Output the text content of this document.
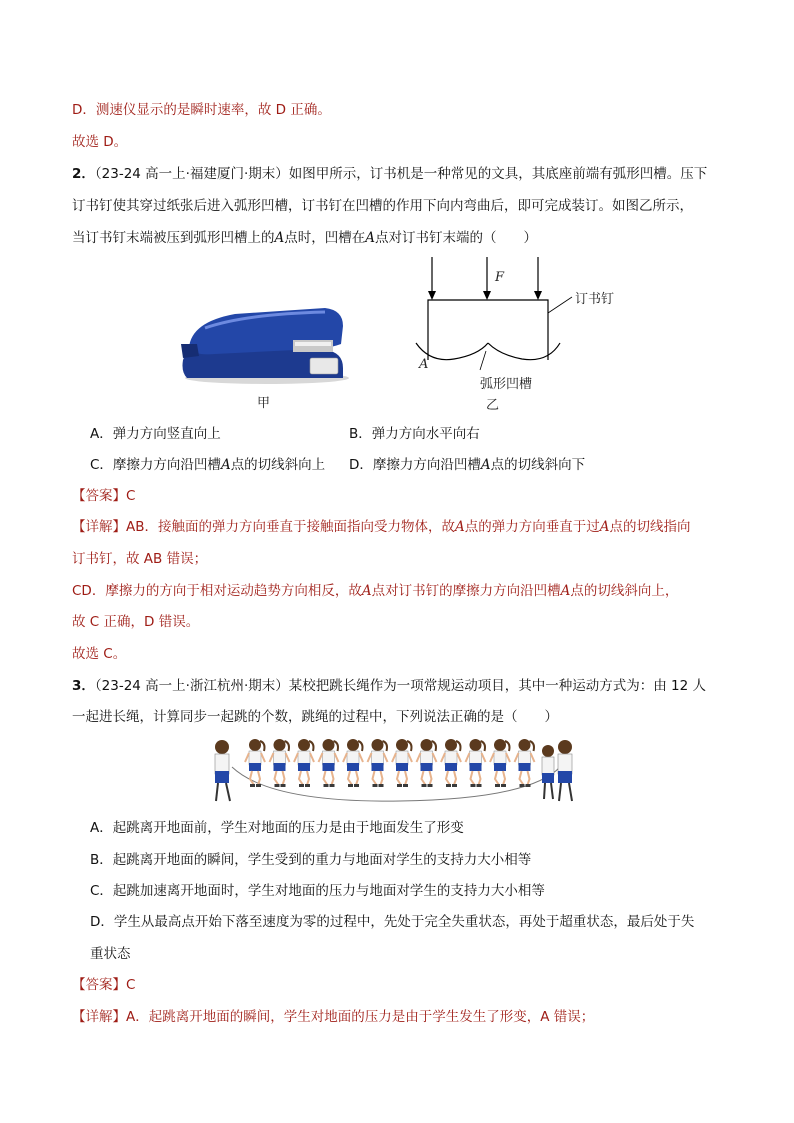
D．测速仪显示的是瞬时速率，故 D 正确。
故选 D。
2．（23-24 高一上·福建厦门·期末）如图甲所示，订书机是一种常见的文具，其底座前端有弧形凹槽。压下
订书钉使其穿过纸张后进入弧形凹槽，订书钉在凹槽的作用下向内弯曲后，即可完成装订。如图乙所示，
当订书钉末端被压到弧形凹槽上的A点时，凹槽在A点对订书钉末端的（　　）
甲
F
订书钉
A
弧形凹槽
乙
A．弹力方向竖直向上	B．弹力方向水平向右
C．摩擦力方向沿凹槽A点的切线斜向上 D．摩擦力方向沿凹槽A点的切线斜向下
【答案】C
【详解】AB．接触面的弹力方向垂直于接触面指向受力物体，故A点的弹力方向垂直于过A点的切线指向
订书钉，故 AB 错误；
CD．摩擦力的方向于相对运动趋势方向相反，故A点对订书钉的摩擦力方向沿凹槽A点的切线斜向上，
故 C 正确，D 错误。
故选 C。
3．（23-24 高一上·浙江杭州·期末）某校把跳长绳作为一项常规运动项目，其中一种运动方式为：由 12 人
一起进长绳，计算同步一起跳的个数，跳绳的过程中，下列说法正确的是（　　）
A．起跳离开地面前，学生对地面的压力是由于地面发生了形变
B．起跳离开地面的瞬间，学生受到的重力与地面对学生的支持力大小相等
C．起跳加速离开地面时，学生对地面的压力与地面对学生的支持力大小相等
D．学生从最高点开始下落至速度为零的过程中，先处于完全失重状态，再处于超重状态，最后处于失
重状态
【答案】C
【详解】A．起跳离开地面的瞬间，学生对地面的压力是由于学生发生了形变，A 错误；
